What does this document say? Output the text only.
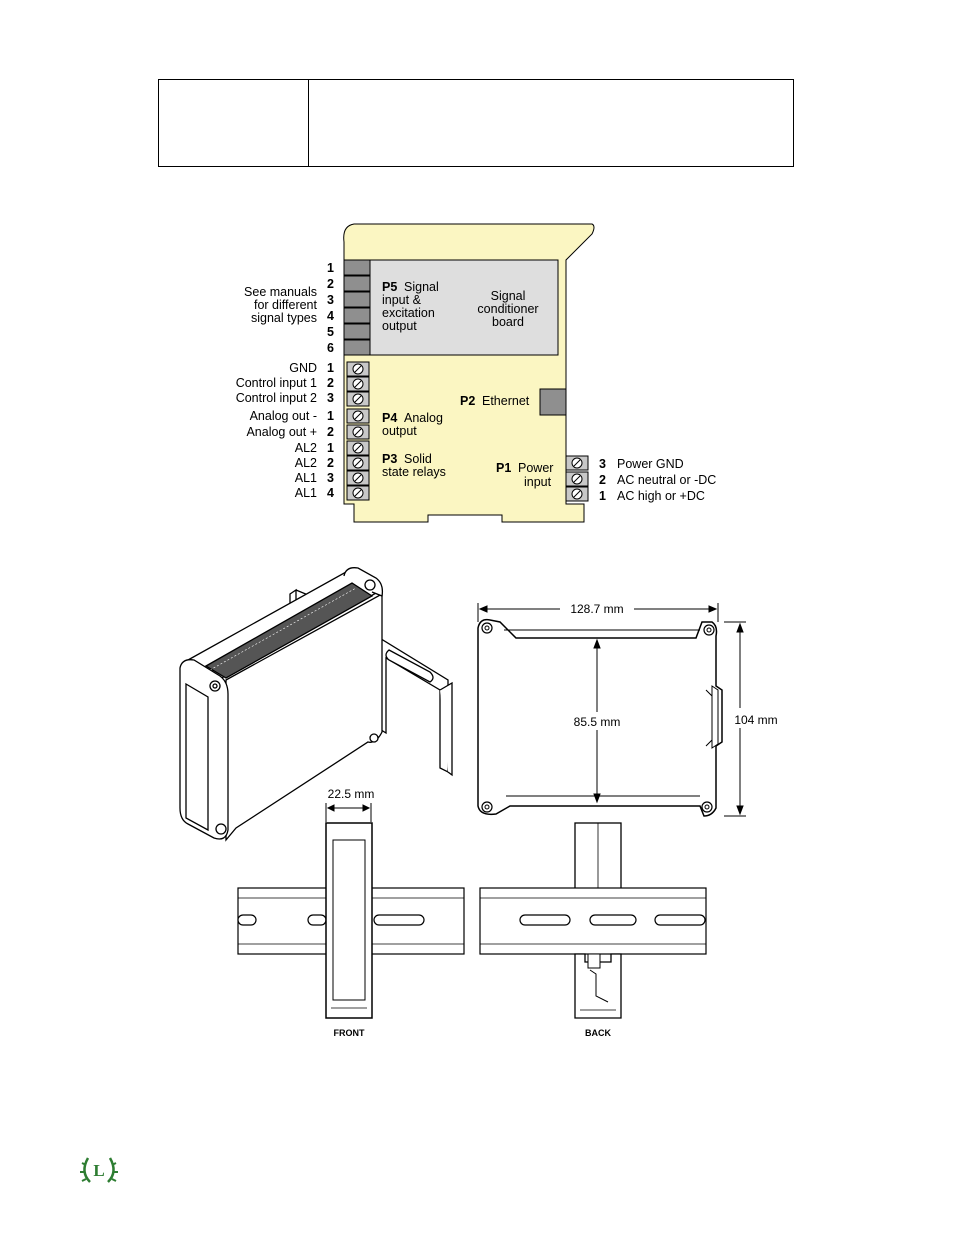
1
2
3
4
5
6
See manuals
for different
signal types
P5 Signal
input &
excitation
output
Signal
conditioner
board
GND
Control input 1
Control input 2
1
2
3
Analog out -
Analog out +
1
2
P4 Analog
output
AL2
AL2
AL1
AL1
1
2
3
4
P3 Solid
state relays
P2 Ethernet
P1 Power
input
3
2
1
Power GND
AC neutral or -DC
AC high or +DC
128.7 mm
85.5 mm	104 mm
22.5 mm
FRONT	BACK
L
